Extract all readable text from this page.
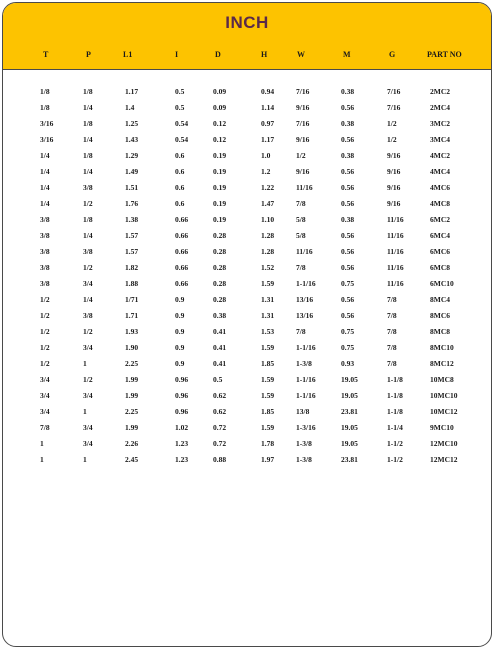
INCH
T	P	L1	I	D	H	W	M	G	PART NO
1/8	1/8	1.17	0.5	0.09	0.94	7/16	0.38	7/16	2MC2
1/8	1/4	1.4	0.5	0.09	1.14	9/16	0.56	7/16	2MC4
3/16	1/8	1.25	0.54	0.12	0.97	7/16	0.38	1/2	3MC2
3/16	1/4	1.43	0.54	0.12	1.17	9/16	0.56	1/2	3MC4
1/4	1/8	1.29	0.6	0.19	1.0	1/2	0.38	9/16	4MC2
1/4	1/4	1.49	0.6	0.19	1.2	9/16	0.56	9/16	4MC4
1/4	3/8	1.51	0.6	0.19	1.22	11/16	0.56	9/16	4MC6
1/4	1/2	1.76	0.6	0.19	1.47	7/8	0.56	9/16	4MC8
3/8	1/8	1.38	0.66	0.19	1.10	5/8	0.38	11/16	6MC2
3/8	1/4	1.57	0.66	0.28	1.28	5/8	0.56	11/16	6MC4
3/8	3/8	1.57	0.66	0.28	1.28	11/16	0.56	11/16	6MC6
3/8	1/2	1.82	0.66	0.28	1.52	7/8	0.56	11/16	6MC8
3/8	3/4	1.88	0.66	0.28	1.59	1-1/16	0.75	11/16	6MC10
1/2	1/4	1/71	0.9	0.28	1.31	13/16	0.56	7/8	8MC4
1/2	3/8	1.71	0.9	0.38	1.31	13/16	0.56	7/8	8MC6
1/2	1/2	1.93	0.9	0.41	1.53	7/8	0.75	7/8	8MC8
1/2	3/4	1.90	0.9	0.41	1.59	1-1/16	0.75	7/8	8MC10
1/2	1	2.25	0.9	0.41	1.85	1-3/8	0.93	7/8	8MC12
3/4	1/2	1.99	0.96	0.5	1.59	1-1/16	19.05	1-1/8	10MC8
3/4	3/4	1.99	0.96	0.62	1.59	1-1/16	19.05	1-1/8	10MC10
3/4	1	2.25	0.96	0.62	1.85	13/8	23.81	1-1/8	10MC12
7/8	3/4	1.99	1.02	0.72	1.59	1-3/16	19.05	1-1/4	9MC10
1	3/4	2.26	1.23	0.72	1.78	1-3/8	19.05	1-1/2	12MC10
1	1	2.45	1.23	0.88	1.97	1-3/8	23.81	1-1/2	12MC12
